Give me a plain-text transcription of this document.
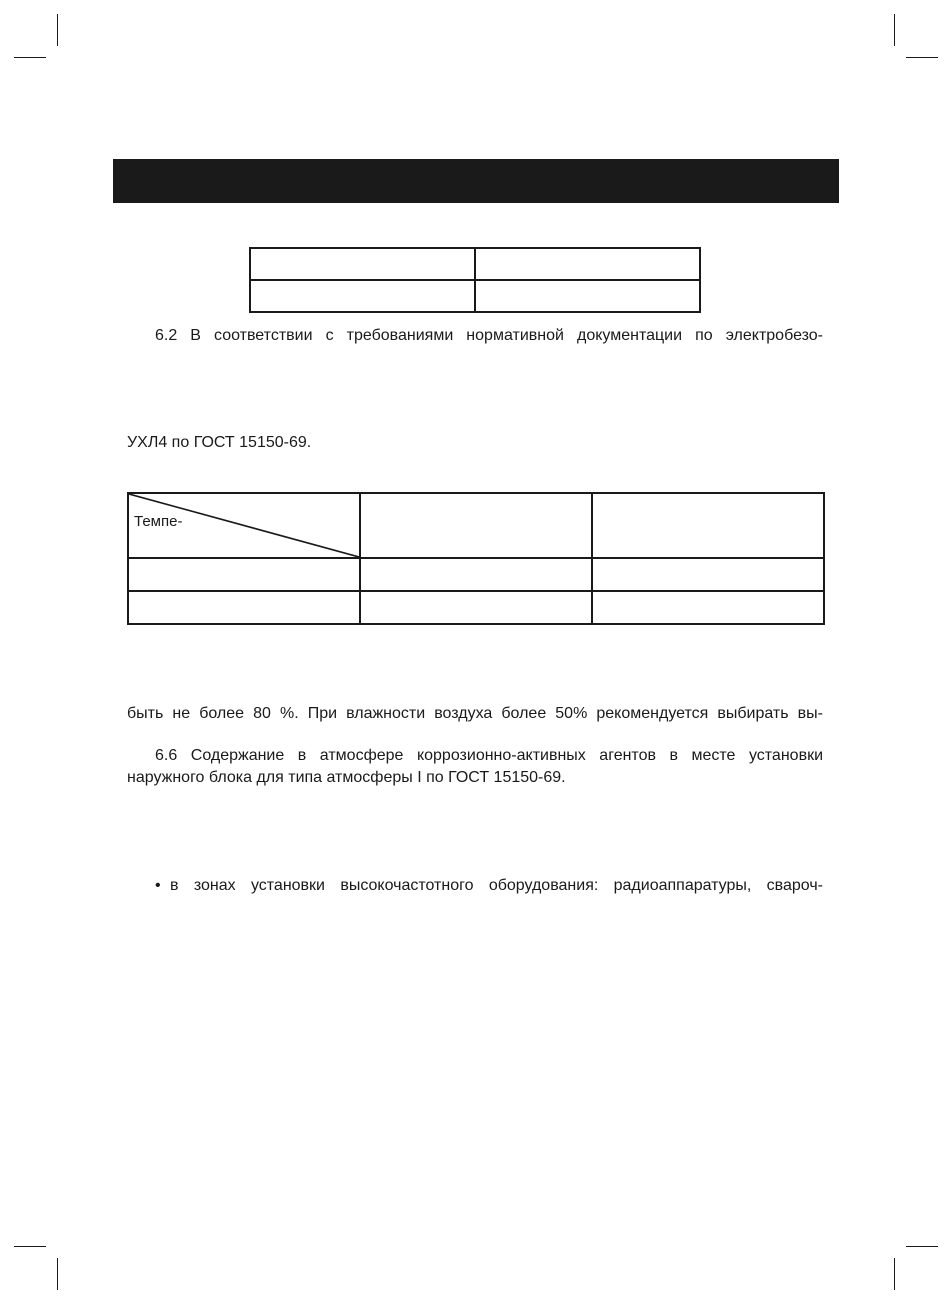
6.2 В соответствии с требованиями нормативной документации по электробезо-
УХЛ4 по ГОСТ 15150-69.
Темпе-		

быть не более 80 %. При влажности воздуха более 50% рекомендуется выбирать вы-
6.6 Содержание в атмосфере коррозионно-активных агентов в месте установки
наружного блока для типа атмосферы I по ГОСТ 15150-69.
• в зонах установки высокочастотного оборудования: радиоаппаратуры, свароч-
